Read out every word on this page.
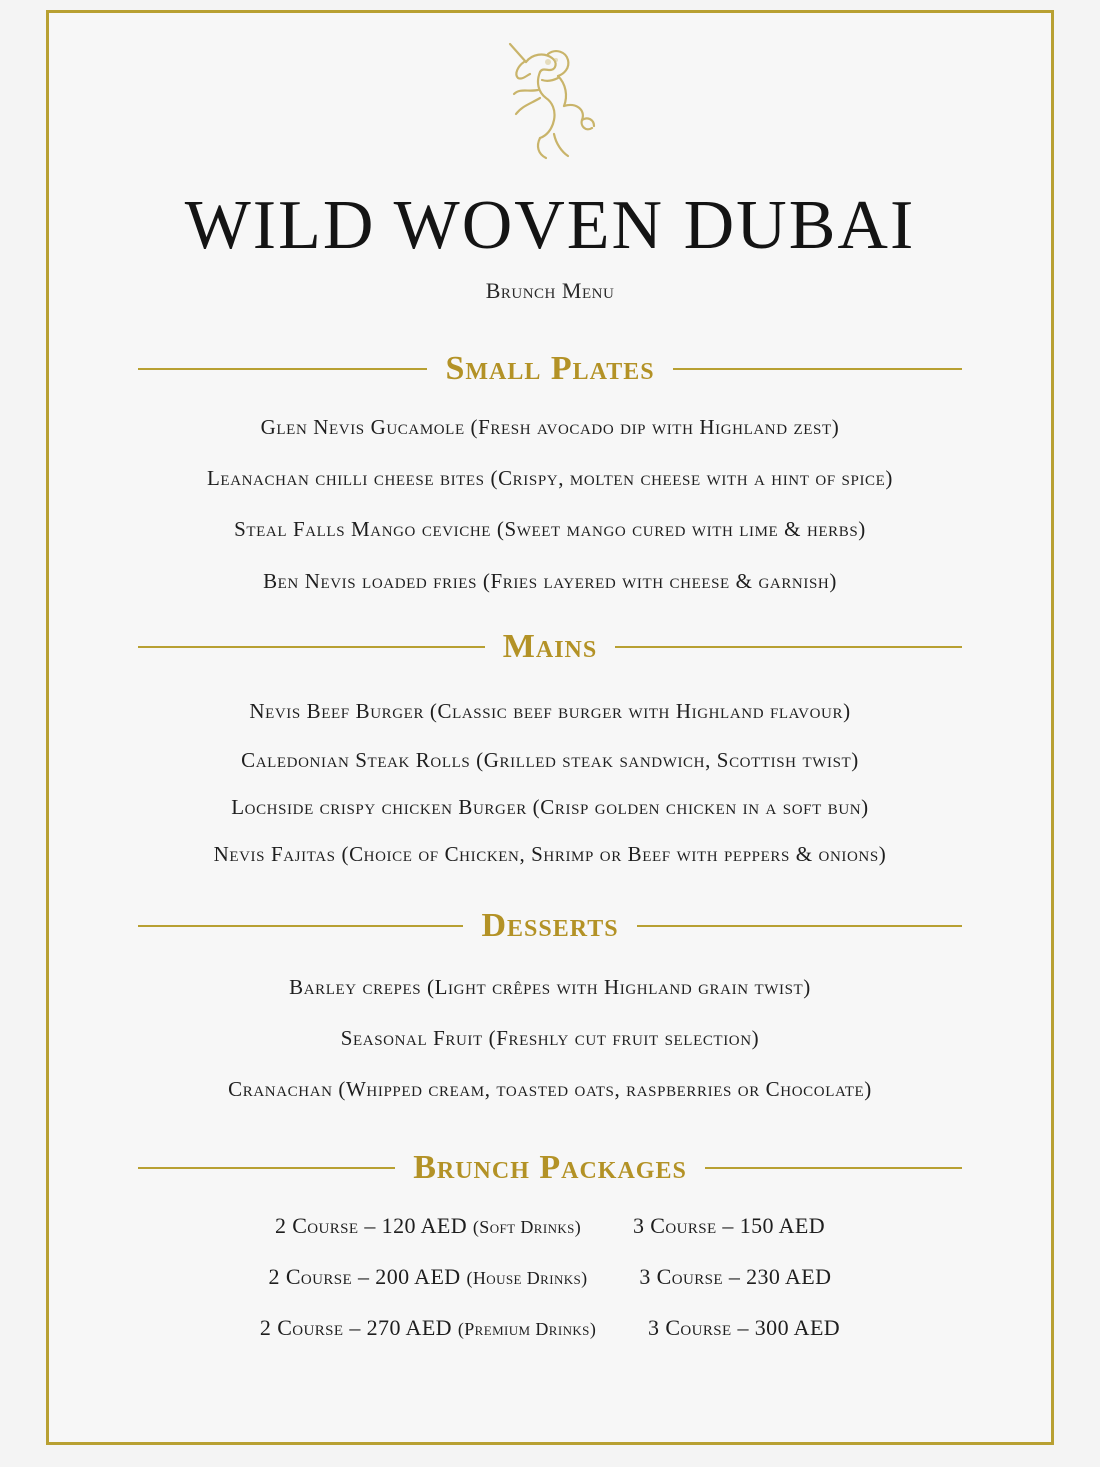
WILD WOVEN DUBAI
Brunch Menu
Small Plates
Glen Nevis Gucamole (Fresh avocado dip with Highland zest)
Leanachan chilli cheese bites (Crispy, molten cheese with a hint of spice)
Steal Falls Mango ceviche (Sweet mango cured with lime & herbs)
Ben Nevis loaded fries (Fries layered with cheese & garnish)
Mains
Nevis Beef Burger (Classic beef burger with Highland flavour)
Caledonian Steak Rolls (Grilled steak sandwich, Scottish twist)
Lochside crispy chicken Burger (Crisp golden chicken in a soft bun)
Nevis Fajitas (Choice of Chicken, Shrimp or Beef with peppers & onions)
Desserts
Barley crepes (Light crêpes with Highland grain twist)
Seasonal Fruit (Freshly cut fruit selection)
Cranachan (Whipped cream, toasted oats, raspberries or Chocolate)
Brunch Packages
2 Course – 120 AED (Soft Drinks) 3 Course – 150 AED
2 Course – 200 AED (House Drinks) 3 Course – 230 AED
2 Course – 270 AED (Premium Drinks) 3 Course – 300 AED
